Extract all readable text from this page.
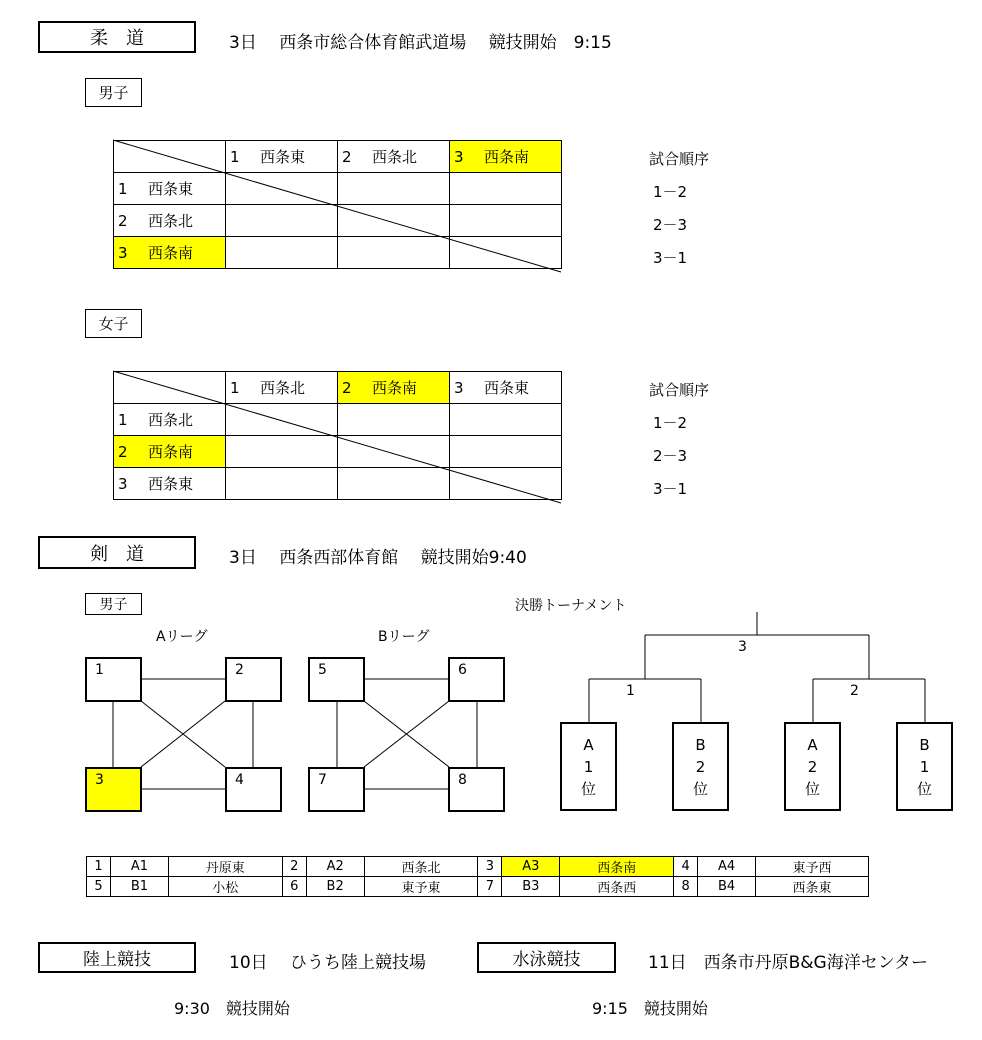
柔　道	3日　 西条市総合体育館武道場　 競技開始　9:15
男子
	1 西条東	2 西条北	3 西条南
1 西条東			
2 西条北			
3 西条南			
試合順序
1－2
2－3
3－1
女子
	1 西条北	2 西条南	3 西条東
1 西条北			
2 西条南			
3 西条東			
試合順序
1－2
2－3
3－1
剣　道	3日　 西条西部体育館　 競技開始9:40
男子
Aリーグ	Bリーグ
決勝トーナメント
1	2
3	4
5	6
7	8
3
1	2
A
1
位
B
2
位
A
2
位
B
1
位
1	A1	丹原東	2	A2	西条北	3	A3	西条南	4	A4	東予西
5	B1	小松	6	B2	東予東	7	B3	西条西	8	B4	西条東
陸上競技	10日　 ひうち陸上競技場
9:30　競技開始
水泳競技	11日　西条市丹原B&G海洋センター
9:15　競技開始
